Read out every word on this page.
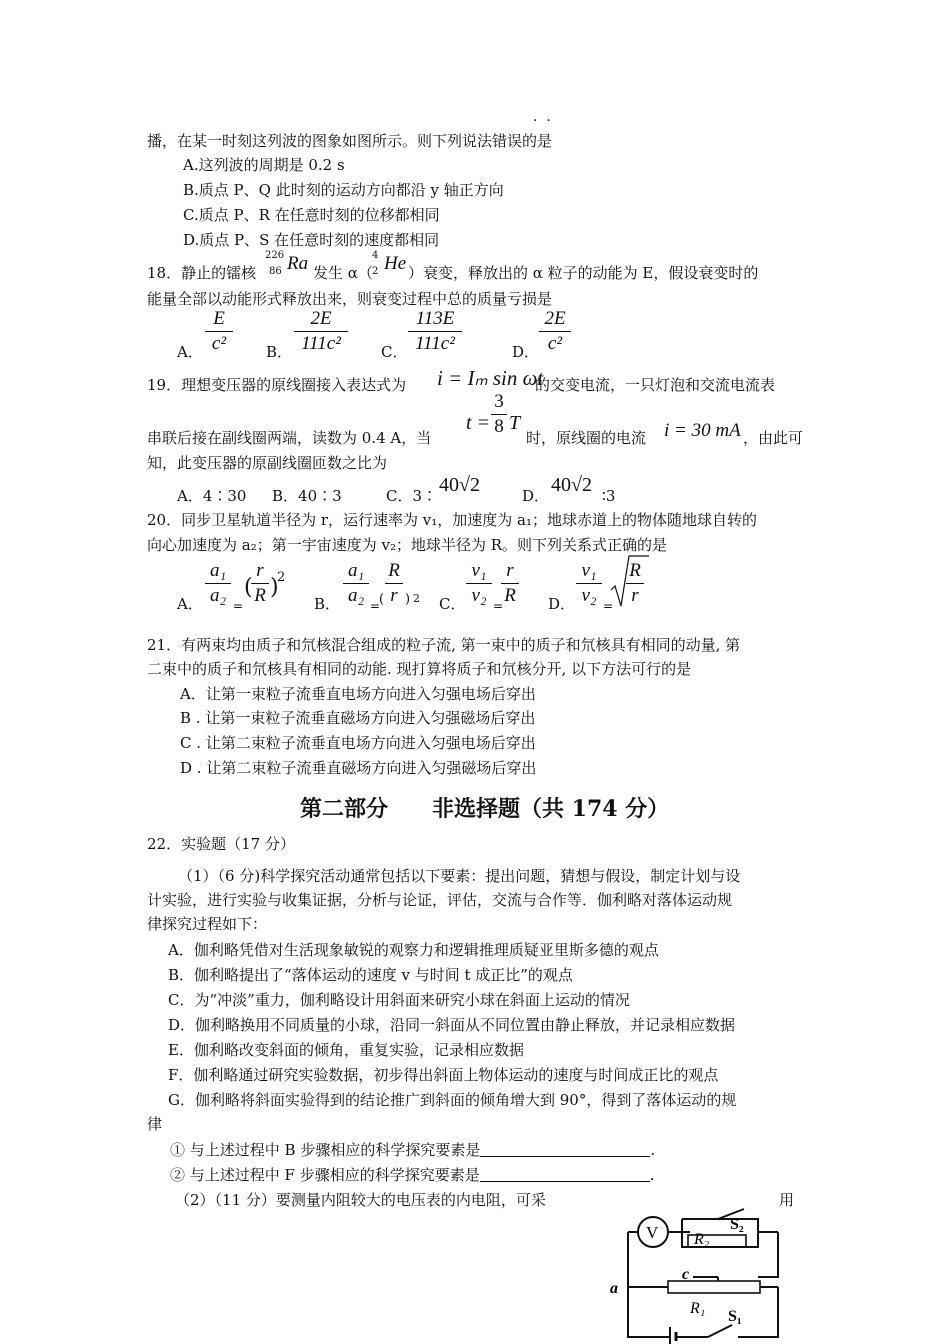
·  ·
播，在某一时刻这列波的图象如图所示。则下列说法错误的是
A.这列波的周期是 0.2 s
B.质点 P、Q 此时刻的运动方向都沿 y 轴正方向
C.质点 P、R 在任意时刻的位移都相同
D.质点 P、S 在任意时刻的速度都相同
18．静止的镭核
226
86 Ra 发生 α（
4
2 He ）衰变，释放出的 α 粒子的动能为 E，假设衰变时的
能量全部以动能形式释放出来，则衰变过程中总的质量亏损是
A．
E
c²	B．
2E
111c²	C．
113E
111c²	D．
2E
c²
19．理想变压器的原线圈接入表达式为 i = Iₘ sin ωt
的交变电流，一只灯泡和交流电流表
t =
3
8 T
串联后接在副线圈两端，读数为 0.4 A，当	时，原线圈的电流 i = 30 mA ，由此可
知，此变压器的原副线圈匝数之比为
A．4∶30 B．40∶3	C．3∶ 40√2	D． 40√2 ∶3
20．同步卫星轨道半径为 r，运行速率为 v₁，加速度为 a₁；地球赤道上的物体随地球自转的
向心加速度为 a₂；第一宇宙速度为 v₂；地球半径为 R。则下列关系式正确的是
A．
a₁
a₂ =
(
r
R )
2
B．
a₁
a₂ =
(
R
r ) 2 C．
v₁
v₂ =
r
R D．
v₁
v₂ =
R
r
21．有两束均由质子和氘核混合组成的粒子流, 第一束中的质子和氘核具有相同的动量, 第
二束中的质子和氘核具有相同的动能. 现打算将质子和氘核分开, 以下方法可行的是
A．让第一束粒子流垂直电场方向进入匀强电场后穿出
B . 让第一束粒子流垂直磁场方向进入匀强磁场后穿出
C . 让第二束粒子流垂直电场方向进入匀强电场后穿出
D . 让第二束粒子流垂直磁场方向进入匀强磁场后穿出
第二部分　　非选择题（共 174 分）
22．实验题（17 分）
（1）（6 分)科学探究活动通常包括以下要素：提出问题，猜想与假设，制定计划与设
计实验，进行实验与收集证据，分析与论证，评估，交流与合作等．伽利略对落体运动规
律探究过程如下：
A．伽利略凭借对生活现象敏锐的观察力和逻辑推理质疑亚里斯多德的观点
B．伽利略提出了“落体运动的速度 v 与时间 t 成正比”的观点
C．为“冲淡”重力，伽利略设计用斜面来研究小球在斜面上运动的情况
D．伽利略换用不同质量的小球，沿同一斜面从不同位置由静止释放，并记录相应数据
E．伽利略改变斜面的倾角，重复实验，记录相应数据
F．伽利略通过研究实验数据，初步得出斜面上物体运动的速度与时间成正比的观点
G．伽利略将斜面实验得到的结论推广到斜面的倾角增大到 90°，得到了落体运动的规
律
① 与上述过程中 B 步骤相应的科学探究要素是	.
② 与上述过程中 F 步骤相应的科学探究要素是	.
（2）（11 分）要测量内阻较大的电压表的内电阻，可采	用
V R₂
S₂
c
a
R₁ S₁
